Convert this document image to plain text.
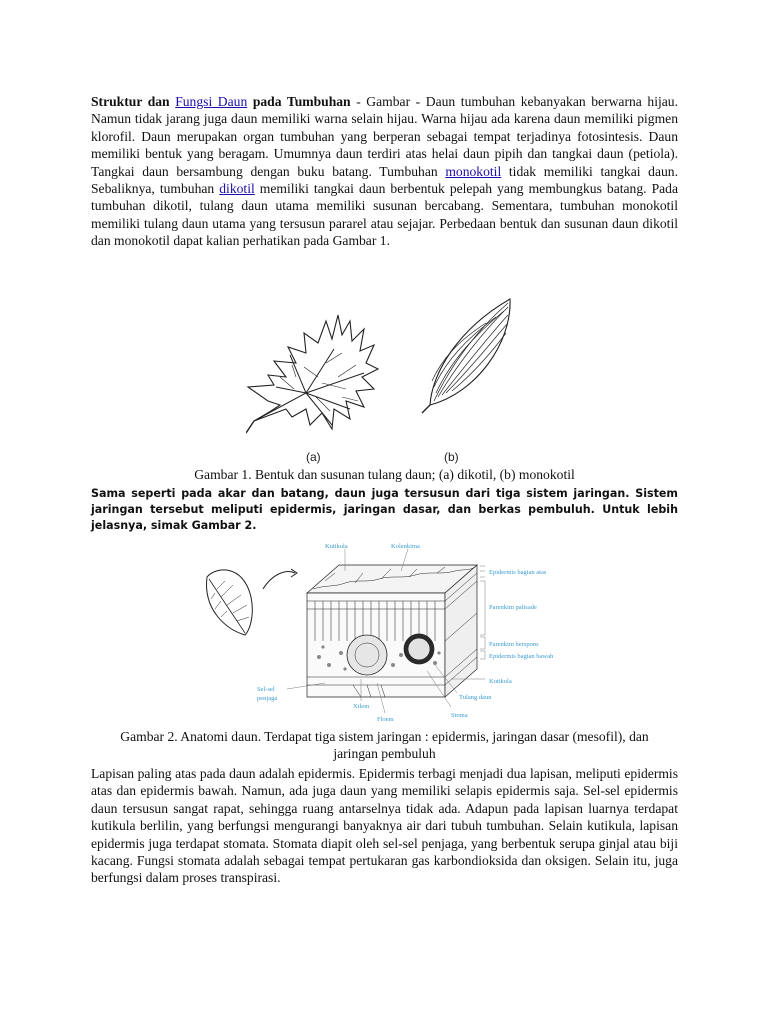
Struktur dan Fungsi Daun pada Tumbuhan - Gambar - Daun tumbuhan kebanyakan berwarna hijau. Namun tidak jarang juga daun memiliki warna selain hijau. Warna hijau ada karena daun memiliki pigmen klorofil. Daun merupakan organ tumbuhan yang berperan sebagai tempat terjadinya fotosintesis. Daun memiliki bentuk yang beragam. Umumnya daun terdiri atas helai daun pipih dan tangkai daun (petiola). Tangkai daun bersambung dengan buku batang. Tumbuhan monokotil tidak memiliki tangkai daun. Sebaliknya, tumbuhan dikotil memiliki tangkai daun berbentuk pelepah yang membungkus batang. Pada tumbuhan dikotil, tulang daun utama memiliki susunan bercabang. Sementara, tumbuhan monokotil memiliki tulang daun utama yang tersusun pararel atau sejajar. Perbedaan bentuk dan susunan daun dikotil dan monokotil dapat kalian perhatikan pada Gambar 1.
(a)	(b)
Gambar 1. Bentuk dan susunan tulang daun; (a) dikotil, (b) monokotil
Sama seperti pada akar dan batang, daun juga tersusun dari tiga sistem jaringan. Sistem jaringan tersebut meliputi epidermis, jaringan dasar, dan berkas pembuluh. Untuk lebih jelasnya, simak Gambar 2.
Kutikula	Kolenkima
Epidermis bagian atas
Parenkim palisade
Parenkim berspons
Epidermis bagian bawah
Kutikula
Tulang daun
Stoma
Sel-sel
penjaga
Xilem
Floem
Gambar 2. Anatomi daun. Terdapat tiga sistem jaringan : epidermis, jaringan dasar (mesofil), dan
jaringan pembuluh
Lapisan paling atas pada daun adalah epidermis. Epidermis terbagi menjadi dua lapisan, meliputi epidermis atas dan epidermis bawah. Namun, ada juga daun yang memiliki selapis epidermis saja. Sel-sel epidermis daun tersusun sangat rapat, sehingga ruang antarselnya tidak ada. Adapun pada lapisan luarnya terdapat kutikula berlilin, yang berfungsi mengurangi banyaknya air dari tubuh tumbuhan. Selain kutikula, lapisan epidermis juga terdapat stomata. Stomata diapit oleh sel-sel penjaga, yang berbentuk serupa ginjal atau biji kacang. Fungsi stomata adalah sebagai tempat pertukaran gas karbondioksida dan oksigen. Selain itu, juga berfungsi dalam proses transpirasi.
